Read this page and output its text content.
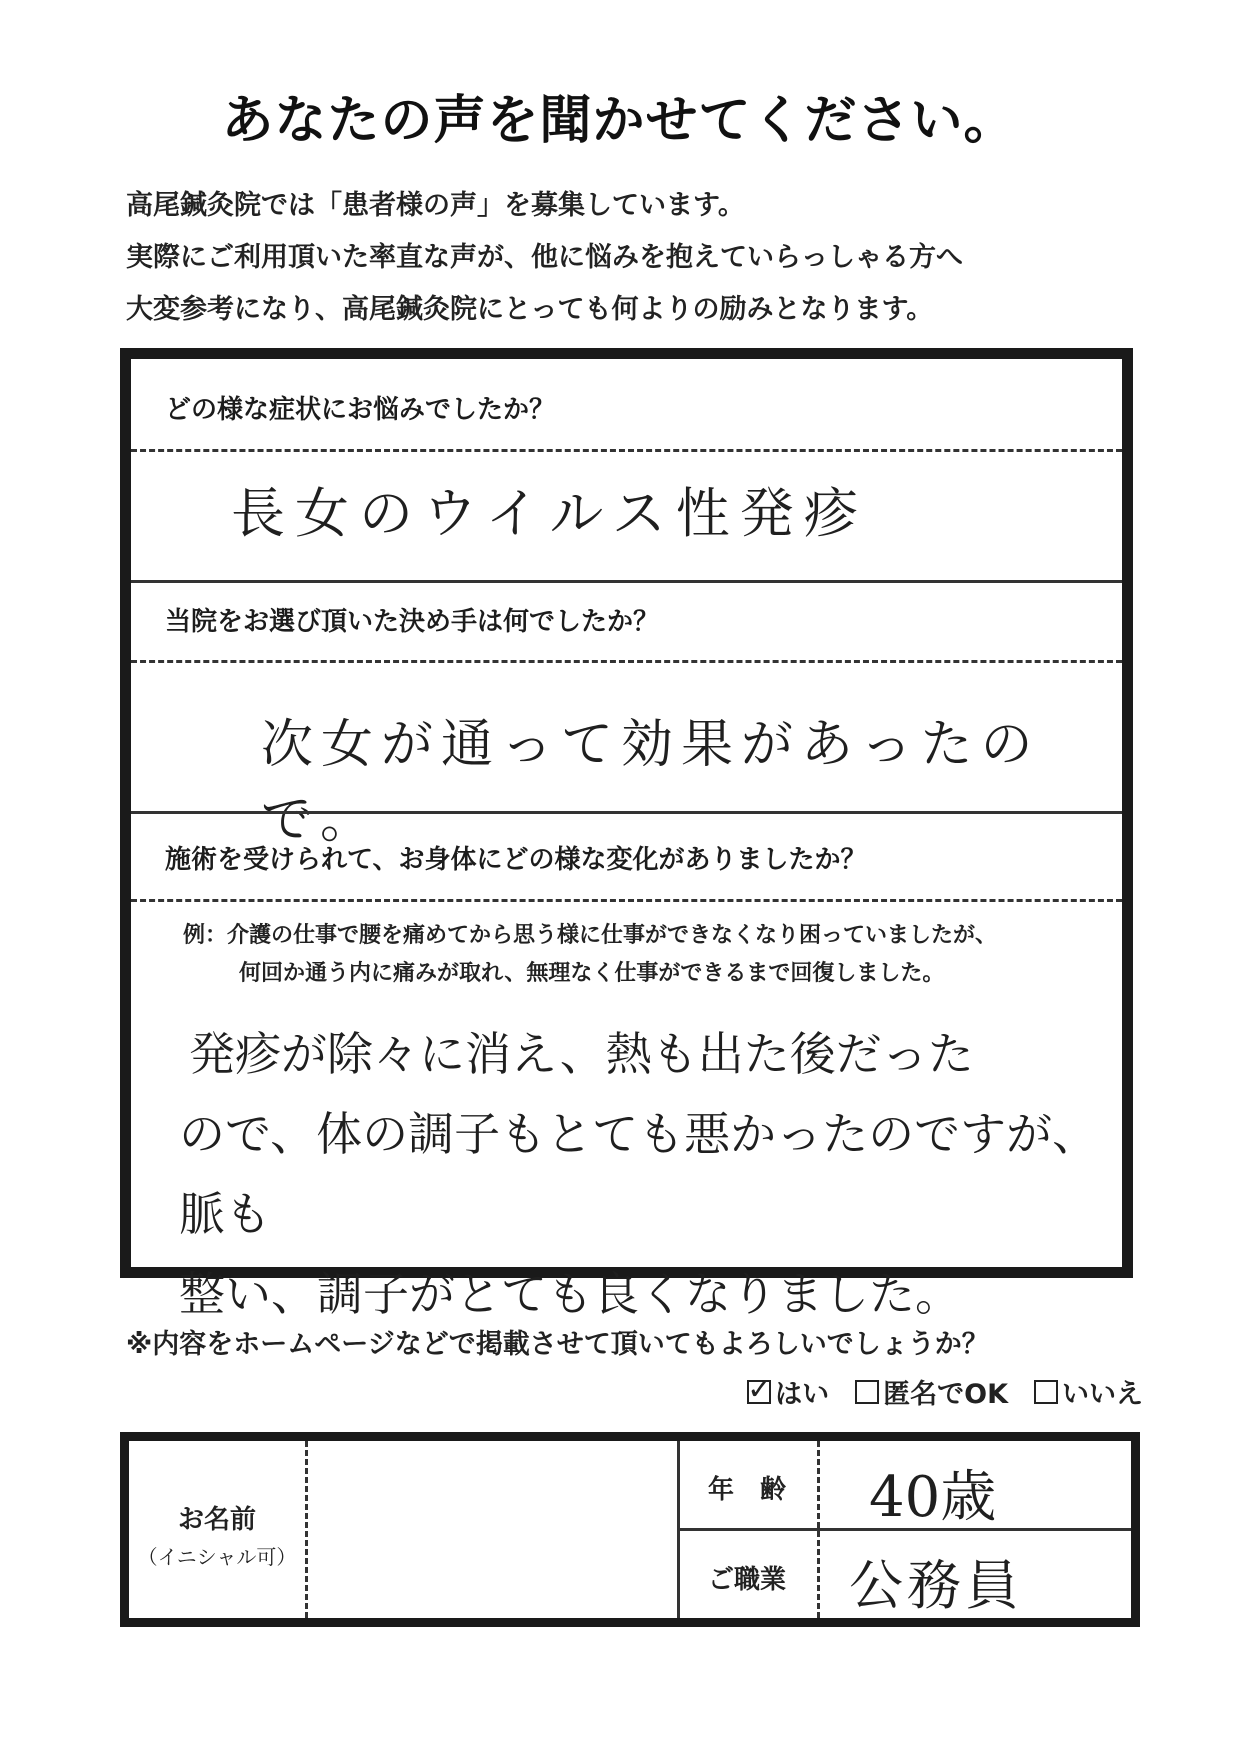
あなたの声を聞かせてください。
高尾鍼灸院では「患者様の声」を募集しています。
実際にご利用頂いた率直な声が、他に悩みを抱えていらっしゃる方へ
大変参考になり、高尾鍼灸院にとっても何よりの励みとなります。
どの様な症状にお悩みでしたか？
長女のウイルス性発疹
当院をお選び頂いた決め手は何でしたか？
次女が通って効果があったので。
施術を受けられて、お身体にどの様な変化がありましたか？
例：介護の仕事で腰を痛めてから思う様に仕事ができなくなり困っていましたが、
何回か通う内に痛みが取れ、無理なく仕事ができるまで回復しました。
発疹が除々に消え、熱も出た後だった
ので、体の調子もとても悪かったのですが、脈も
整い、調子がとても良くなりました。
※内容をホームページなどで掲載させて頂いてもよろしいでしょうか？
✓
はい 匿名でOK いいえ
お名前
（イニシャル可）
年　齢	40歳
ご職業	公務員
